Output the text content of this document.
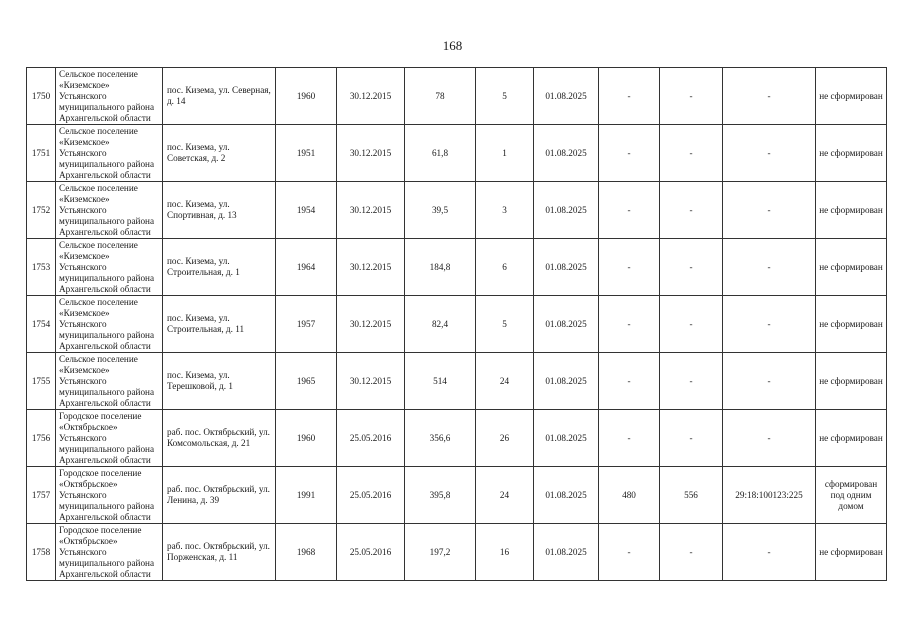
168
1750	Сельское поселение «Киземское» Устьянского муниципального района Архангельской области	пос. Киземa, ул. Северная, д. 14	1960	30.12.2015	78	5	01.08.2025	-	-	-	не сформирован
1751	Сельское поселение «Киземское» Устьянского муниципального района Архангельской области	пос. Кизема, ул. Советская, д. 2	1951	30.12.2015	61,8	1	01.08.2025	-	-	-	не сформирован
1752	Сельское поселение «Киземское» Устьянского муниципального района Архангельской области	пос. Кизема, ул. Спортивная, д. 13	1954	30.12.2015	39,5	3	01.08.2025	-	-	-	не сформирован
1753	Сельское поселение «Киземское» Устьянского муниципального района Архангельской области	пос. Кизема, ул. Строительная, д. 1	1964	30.12.2015	184,8	6	01.08.2025	-	-	-	не сформирован
1754	Сельское поселение «Киземское» Устьянского муниципального района Архангельской области	пос. Кизема, ул. Строительная, д. 11	1957	30.12.2015	82,4	5	01.08.2025	-	-	-	не сформирован
1755	Сельское поселение «Киземское» Устьянского муниципального района Архангельской области	пос. Кизема, ул. Терешковой, д. 1	1965	30.12.2015	514	24	01.08.2025	-	-	-	не сформирован
1756	Городское поселение «Октябрьское» Устьянского муниципального района Архангельской области	раб. пос. Октябрьский, ул. Комсомольская, д. 21	1960	25.05.2016	356,6	26	01.08.2025	-	-	-	не сформирован
1757	Городское поселение «Октябрьское» Устьянского муниципального района Архангельской области	раб. пос. Октябрьский, ул. Ленина, д. 39	1991	25.05.2016	395,8	24	01.08.2025	480	556	29:18:100123:225	сформирован под одним домом
1758	Городское поселение «Октябрьское» Устьянского муниципального района Архангельской области	раб. пос. Октябрьский, ул. Порженская, д. 11	1968	25.05.2016	197,2	16	01.08.2025	-	-	-	не сформирован
